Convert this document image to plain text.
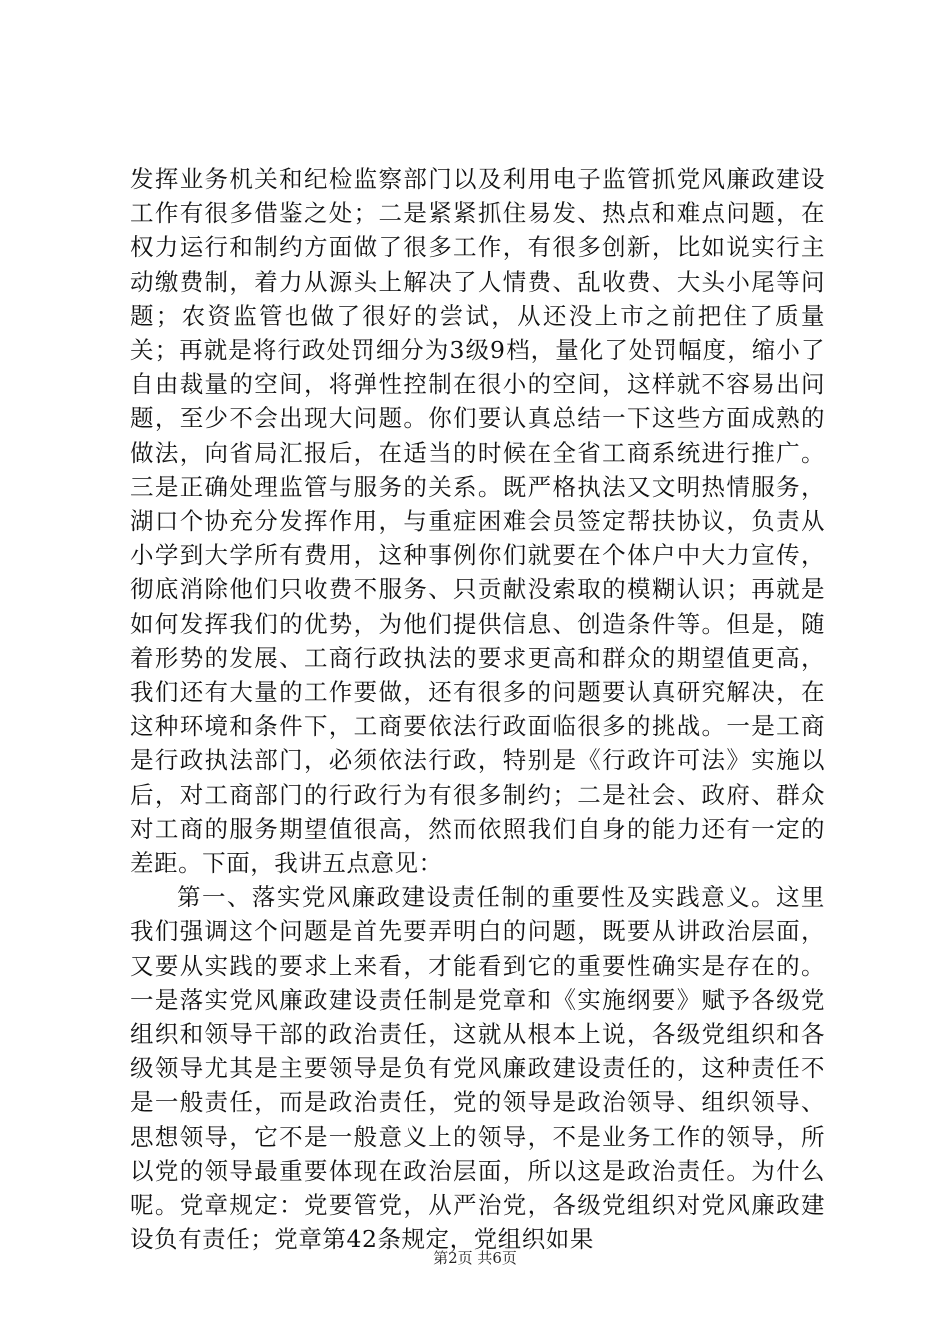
发挥业务机关和纪检监察部门以及利用电子监管抓党风廉政建设工作有很多借鉴之处；二是紧紧抓住易发、热点和难点问题，在权力运行和制约方面做了很多工作，有很多创新，比如说实行主动缴费制，着力从源头上解决了人情费、乱收费、大头小尾等问题；农资监管也做了很好的尝试，从还没上市之前把住了质量关；再就是将行政处罚细分为3级9档，量化了处罚幅度，缩小了自由裁量的空间，将弹性控制在很小的空间，这样就不容易出问题，至少不会出现大问题。你们要认真总结一下这些方面成熟的做法，向省局汇报后，在适当的时候在全省工商系统进行推广。三是正确处理监管与服务的关系。既严格执法又文明热情服务，湖口个协充分发挥作用，与重症困难会员签定帮扶协议，负责从小学到大学所有费用，这种事例你们就要在个体户中大力宣传，彻底消除他们只收费不服务、只贡献没索取的模糊认识；再就是如何发挥我们的优势，为他们提供信息、创造条件等。但是，随着形势的发展、工商行政执法的要求更高和群众的期望值更高，我们还有大量的工作要做，还有很多的问题要认真研究解决，在这种环境和条件下，工商要依法行政面临很多的挑战。一是工商是行政执法部门，必须依法行政，特别是《行政许可法》实施以后，对工商部门的行政行为有很多制约；二是社会、政府、群众对工商的服务期望值很高，然而依照我们自身的能力还有一定的差距。下面，我讲五点意见：

第一、落实党风廉政建设责任制的重要性及实践意义。这里我们强调这个问题是首先要弄明白的问题，既要从讲政治层面，又要从实践的要求上来看，才能看到它的重要性确实是存在的。一是落实党风廉政建设责任制是党章和《实施纲要》赋予各级党组织和领导干部的政治责任，这就从根本上说，各级党组织和各级领导尤其是主要领导是负有党风廉政建设责任的，这种责任不是一般责任，而是政治责任，党的领导是政治领导、组织领导、思想领导，它不是一般意义上的领导，不是业务工作的领导，所以党的领导最重要体现在政治层面，所以这是政治责任。为什么呢。党章规定：党要管党，从严治党，各级党组织对党风廉政建设负有责任；党章第42条规定，党组织如果

第2页 共6页
